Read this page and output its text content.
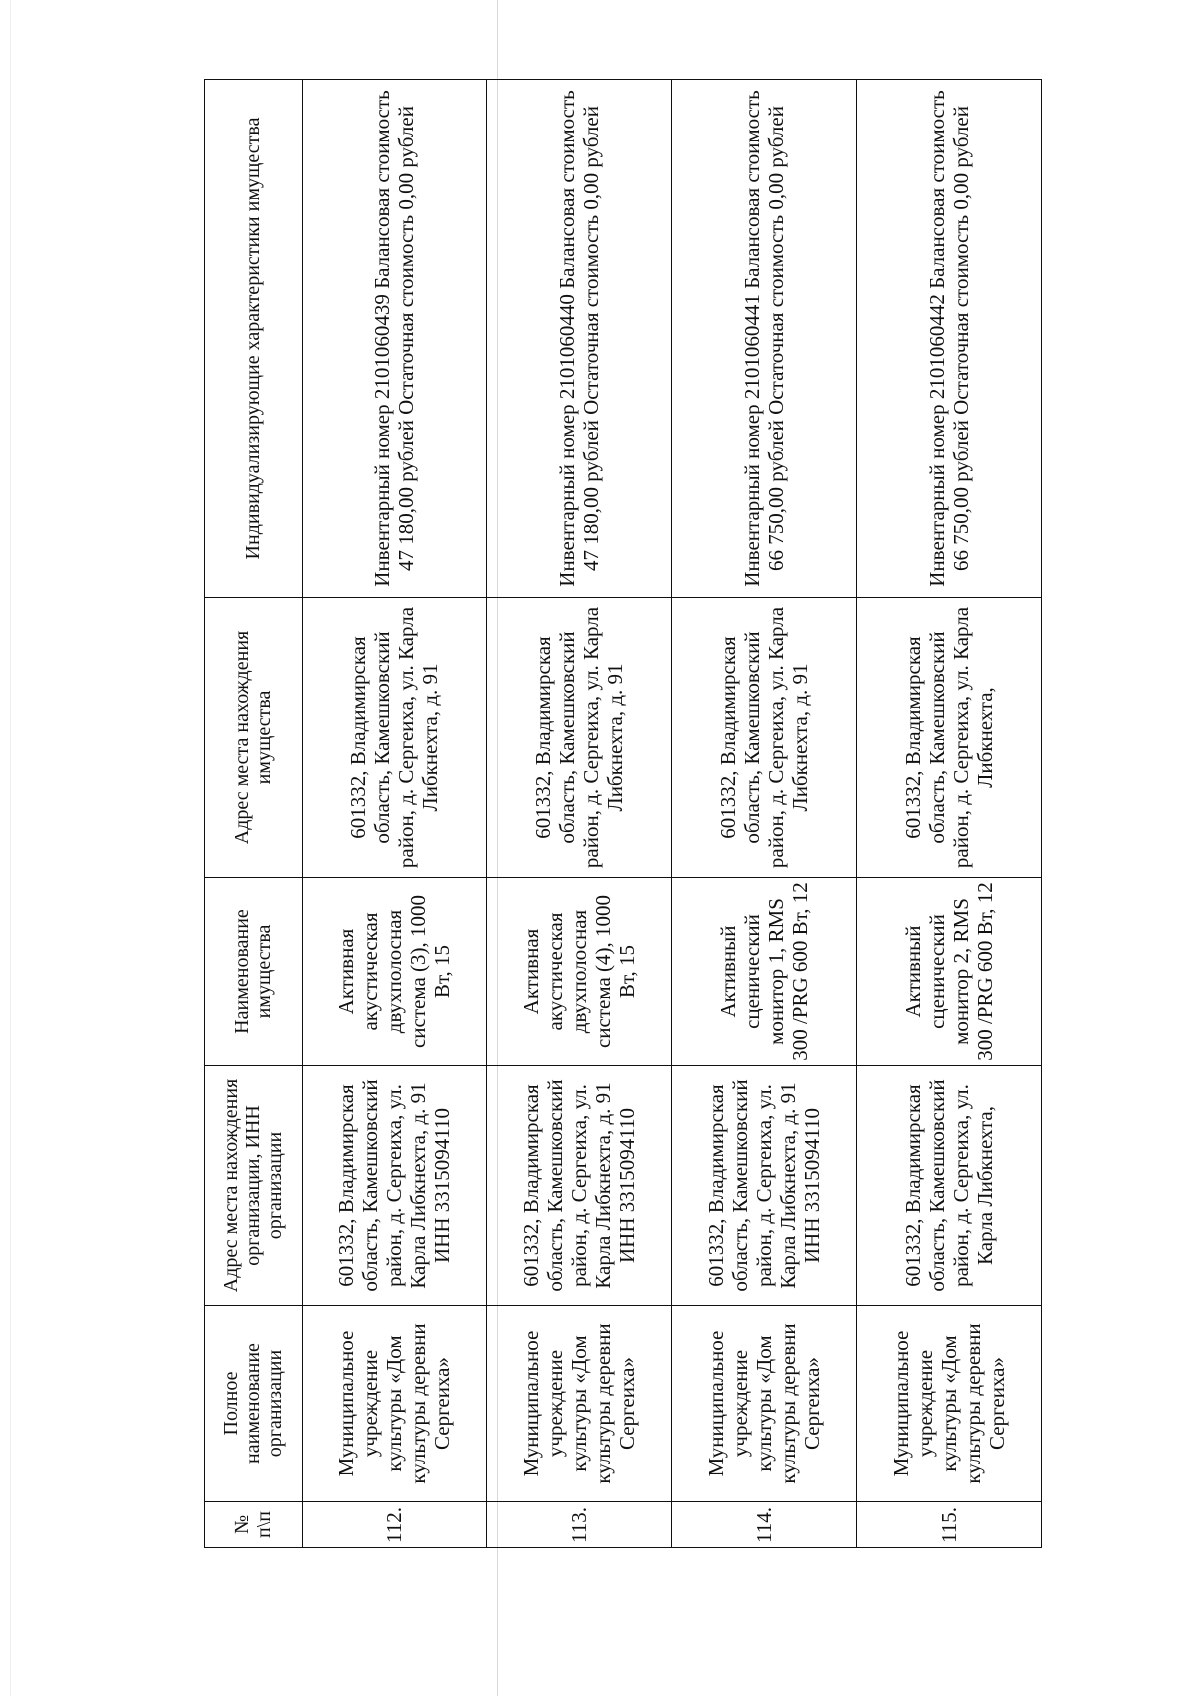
№ п\п	Полное наименование организации	Адрес места нахождения организации, ИНН организации	Наименование имущества	Адрес места нахождения имущества	Индивидуализирующие характеристики имущества
112.	Муниципальное учреждение культуры «Дом культуры деревни Сергеиха»	601332, Владимирская область, Камешковский район, д. Сергеиха, ул. Карла Либкнехта, д. 91 ИНН 3315094110	Активная акустическая двухполосная система (3), 1000 Вт, 15	601332, Владимирская область, Камешковский район, д. Сергеиха, ул. Карла Либкнехта, д. 91	Инвентарный номер 2101060439 Балансовая стоимость 47 180,00 рублей Остаточная стоимость 0,00 рублей
113.	Муниципальное учреждение культуры «Дом культуры деревни Сергеиха»	601332, Владимирская область, Камешковский район, д. Сергеиха, ул. Карла Либкнехта, д. 91 ИНН 3315094110	Активная акустическая двухполосная система (4), 1000 Вт, 15	601332, Владимирская область, Камешковский район, д. Сергеиха, ул. Карла Либкнехта, д. 91	Инвентарный номер 2101060440 Балансовая стоимость 47 180,00 рублей Остаточная стоимость 0,00 рублей
114.	Муниципальное учреждение культуры «Дом культуры деревни Сергеиха»	601332, Владимирская область, Камешковский район, д. Сергеиха, ул. Карла Либкнехта, д. 91 ИНН 3315094110	Активный сценический монитор 1, RMS 300 /PRG 600 Вт, 12	601332, Владимирская область, Камешковский район, д. Сергеиха, ул. Карла Либкнехта, д. 91	Инвентарный номер 2101060441 Балансовая стоимость 66 750,00 рублей Остаточная стоимость 0,00 рублей
115.	Муниципальное учреждение культуры «Дом культуры деревни Сергеиха»	601332, Владимирская область, Камешковский район, д. Сергеиха, ул. Карла Либкнехта,	Активный сценический монитор 2, RMS 300 /PRG 600 Вт, 12	601332, Владимирская область, Камешковский район, д. Сергеиха, ул. Карла Либкнехта,	Инвентарный номер 2101060442 Балансовая стоимость 66 750,00 рублей Остаточная стоимость 0,00 рублей
